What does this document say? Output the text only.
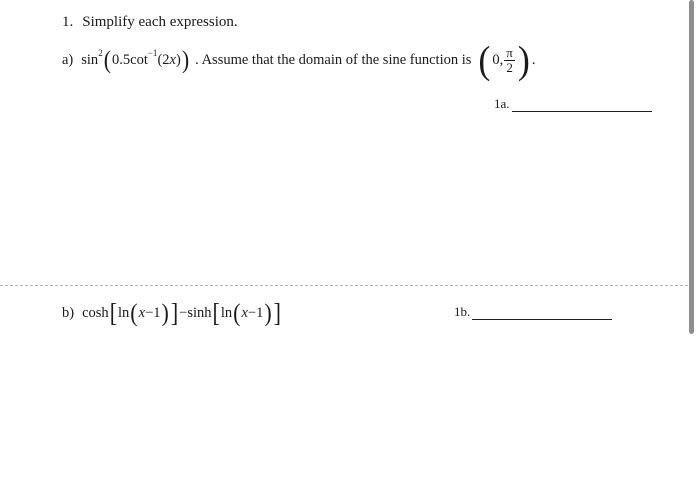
1. Simplify each expression.
a) sin 2 ( 0.5cot −1 ( 2 x ) ) . Assume that the domain of the sine function is ( 0, $\frac{\pi}{2}$ ) .
1a.
b) cosh [ ln ( x − 1 ) ] − sinh [ ln ( x − 1 ) ]	1b.
